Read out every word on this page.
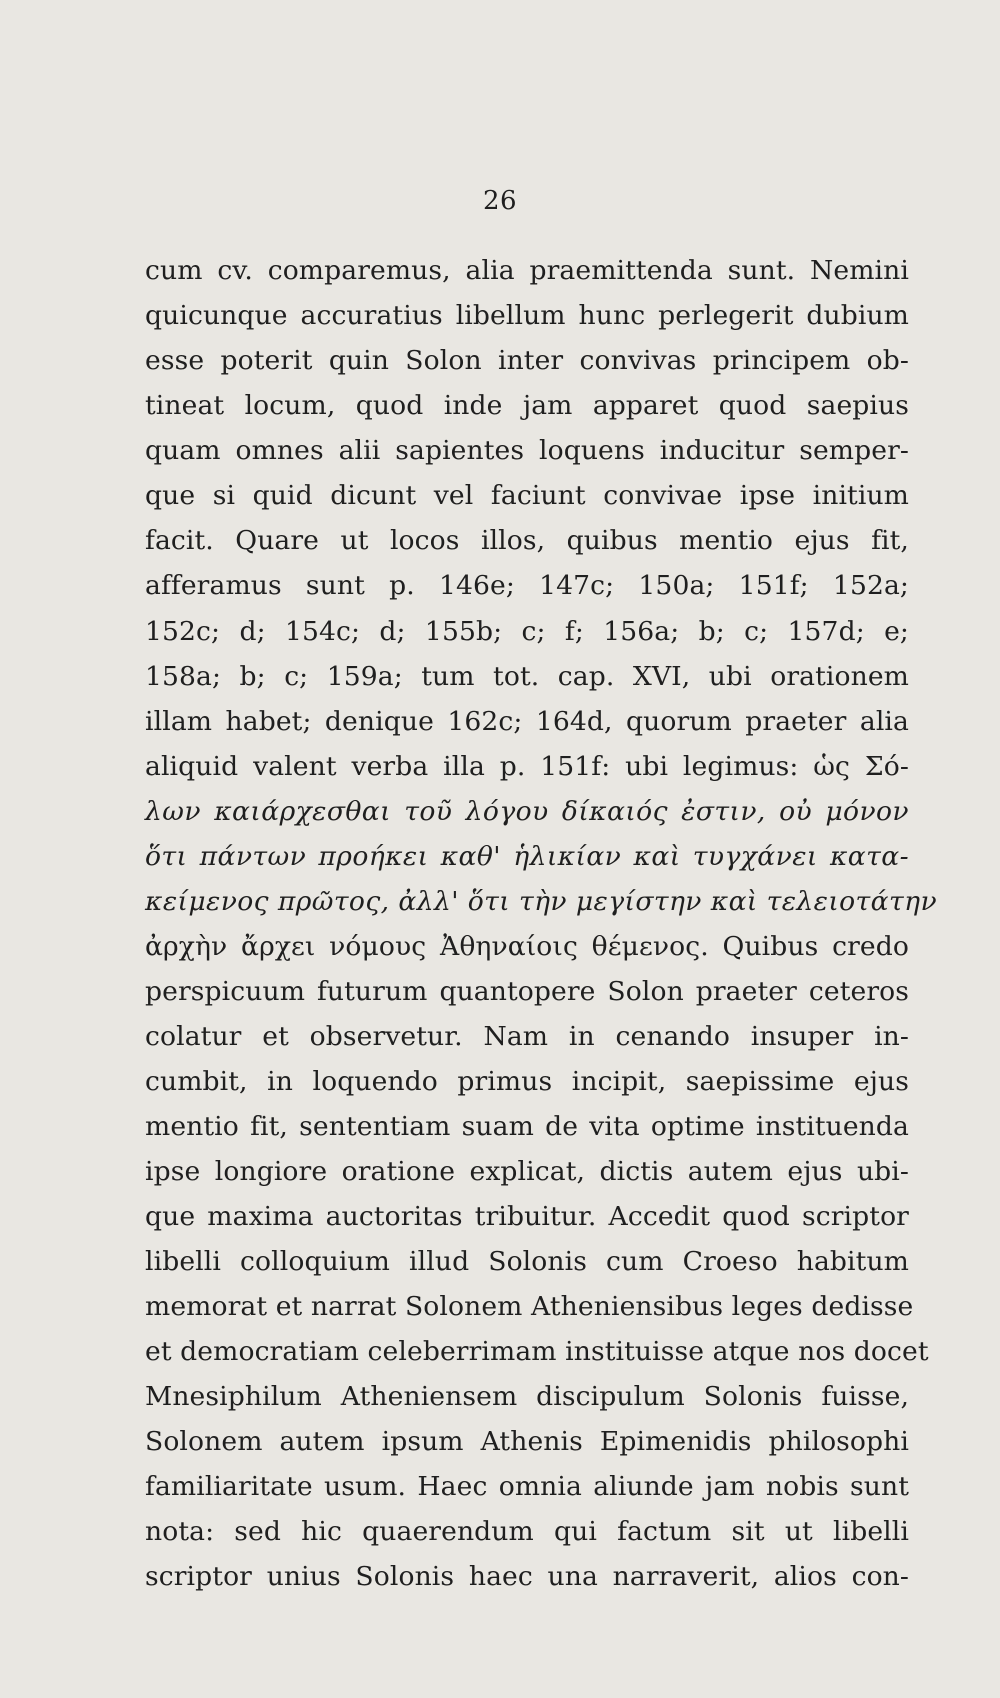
26
cum cv. comparemus, alia praemittenda sunt. Nemini
quicunque accuratius libellum hunc perlegerit dubium
esse poterit quin Solon inter convivas principem ob-
tineat locum, quod inde jam apparet quod saepius
quam omnes alii sapientes loquens inducitur semper-
que si quid dicunt vel faciunt convivae ipse initium
facit. Quare ut locos illos, quibus mentio ejus fit,
afferamus sunt p. 146e; 147c; 150a; 151f; 152a;
152c; d; 154c; d; 155b; c; f; 156a; b; c; 157d; e;
158a; b; c; 159a; tum tot. cap. XVI, ubi orationem
illam habet; denique 162c; 164d, quorum praeter alia
aliquid valent verba illa p. 151f: ubi legimus: ὡς Σό-
λων καιάρχεσθαι τοῦ λόγου δίκαιός ἐστιν, οὐ μόνον
ὅτι πάντων προήκει καθ' ἡλικίαν καὶ τυγχάνει κατα-
κείμενος πρῶτος, ἀλλ' ὅτι τὴν μεγίστην καὶ τελειοτάτην
ἀρχὴν ἄρχει νόμους Ἀθηναίοις θέμενος. Quibus credo
perspicuum futurum quantopere Solon praeter ceteros
colatur et observetur. Nam in cenando insuper in-
cumbit, in loquendo primus incipit, saepissime ejus
mentio fit, sententiam suam de vita optime instituenda
ipse longiore oratione explicat, dictis autem ejus ubi-
que maxima auctoritas tribuitur. Accedit quod scriptor
libelli colloquium illud Solonis cum Croeso habitum
memorat et narrat Solonem Atheniensibus leges dedisse
et democratiam celeberrimam instituisse atque nos docet
Mnesiphilum Atheniensem discipulum Solonis fuisse,
Solonem autem ipsum Athenis Epimenidis philosophi
familiaritate usum. Haec omnia aliunde jam nobis sunt
nota: sed hic quaerendum qui factum sit ut libelli
scriptor unius Solonis haec una narraverit, alios con-
